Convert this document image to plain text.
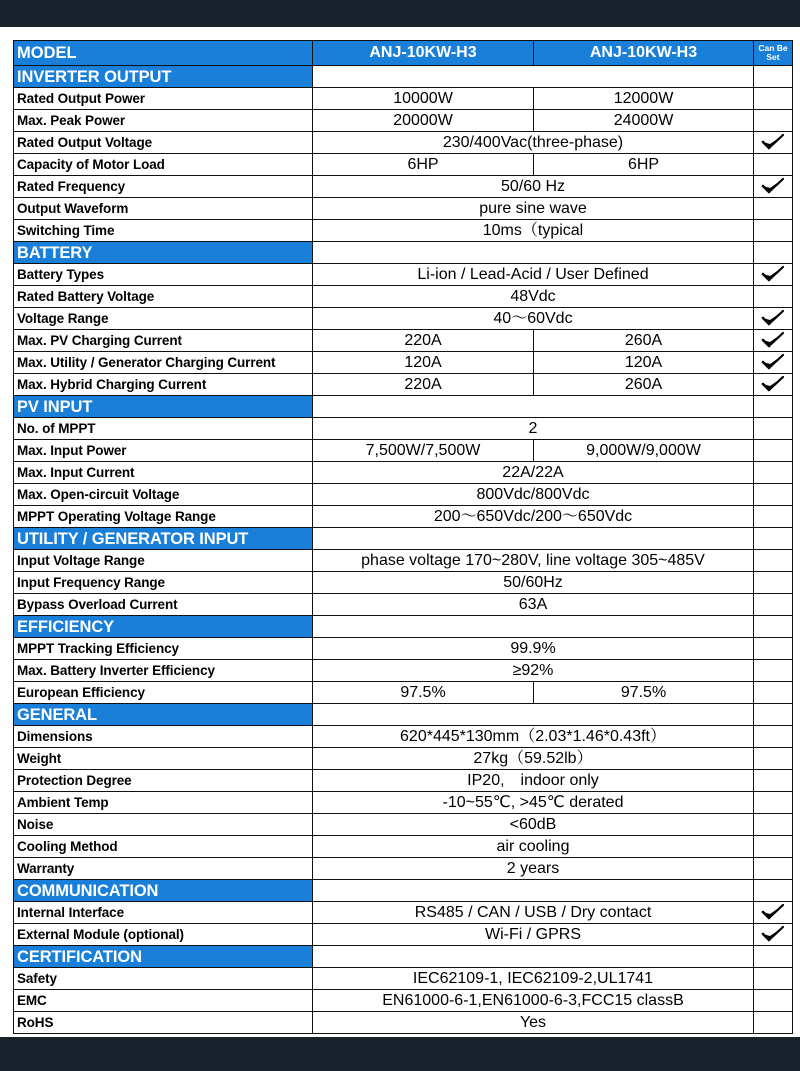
MODEL	ANJ-10KW-H3	ANJ-10KW-H3	Can Be Set
INVERTER OUTPUT			
Rated Output Power	10000W	12000W	
Max. Peak Power	20000W	24000W	
Rated Output Voltage	230/400Vac(three-phase)	

Capacity of Motor Load	6HP	6HP	
Rated Frequency	50/60 Hz	

Output Waveform	pure sine wave		
Switching Time	10ms（typical		
BATTERY			
Battery Types	Li-ion / Lead-Acid / User Defined	

Rated Battery Voltage	48Vdc		
Voltage Range	40～60Vdc	

Max. PV Charging Current	220A	260A	

Max. Utility / Generator Charging Current	120A	120A	

Max. Hybrid Charging Current	220A	260A	

PV INPUT			
No. of MPPT	2		
Max. Input Power	7,500W/7,500W	9,000W/9,000W	
Max. Input Current	22A/22A		
Max. Open-circuit Voltage	800Vdc/800Vdc		
MPPT Operating Voltage Range	200～650Vdc/200～650Vdc		
UTILITY / GENERATOR INPUT			
Input Voltage Range	phase voltage 170~280V, line voltage 305~485V		
Input Frequency Range	50/60Hz		
Bypass Overload Current	63A		
EFFICIENCY			
MPPT Tracking Efficiency	99.9%		
Max. Battery Inverter Efficiency	≥92%		
European Efficiency	97.5%	97.5%	
GENERAL			
Dimensions	620*445*130mm（2.03*1.46*0.43ft）		
Weight	27kg（59.52lb）		
Protection Degree	IP20,　indoor only		
Ambient Temp	-10~55℃, >45℃ derated		
Noise	<60dB		
Cooling Method	air cooling		
Warranty	2 years		
COMMUNICATION			
Internal Interface	RS485 / CAN / USB / Dry contact	

External Module (optional)	Wi-Fi / GPRS	

CERTIFICATION			
Safety	IEC62109-1, IEC62109-2,UL1741		
EMC	EN61000-6-1,EN61000-6-3,FCC15 classB		
RoHS	Yes		
